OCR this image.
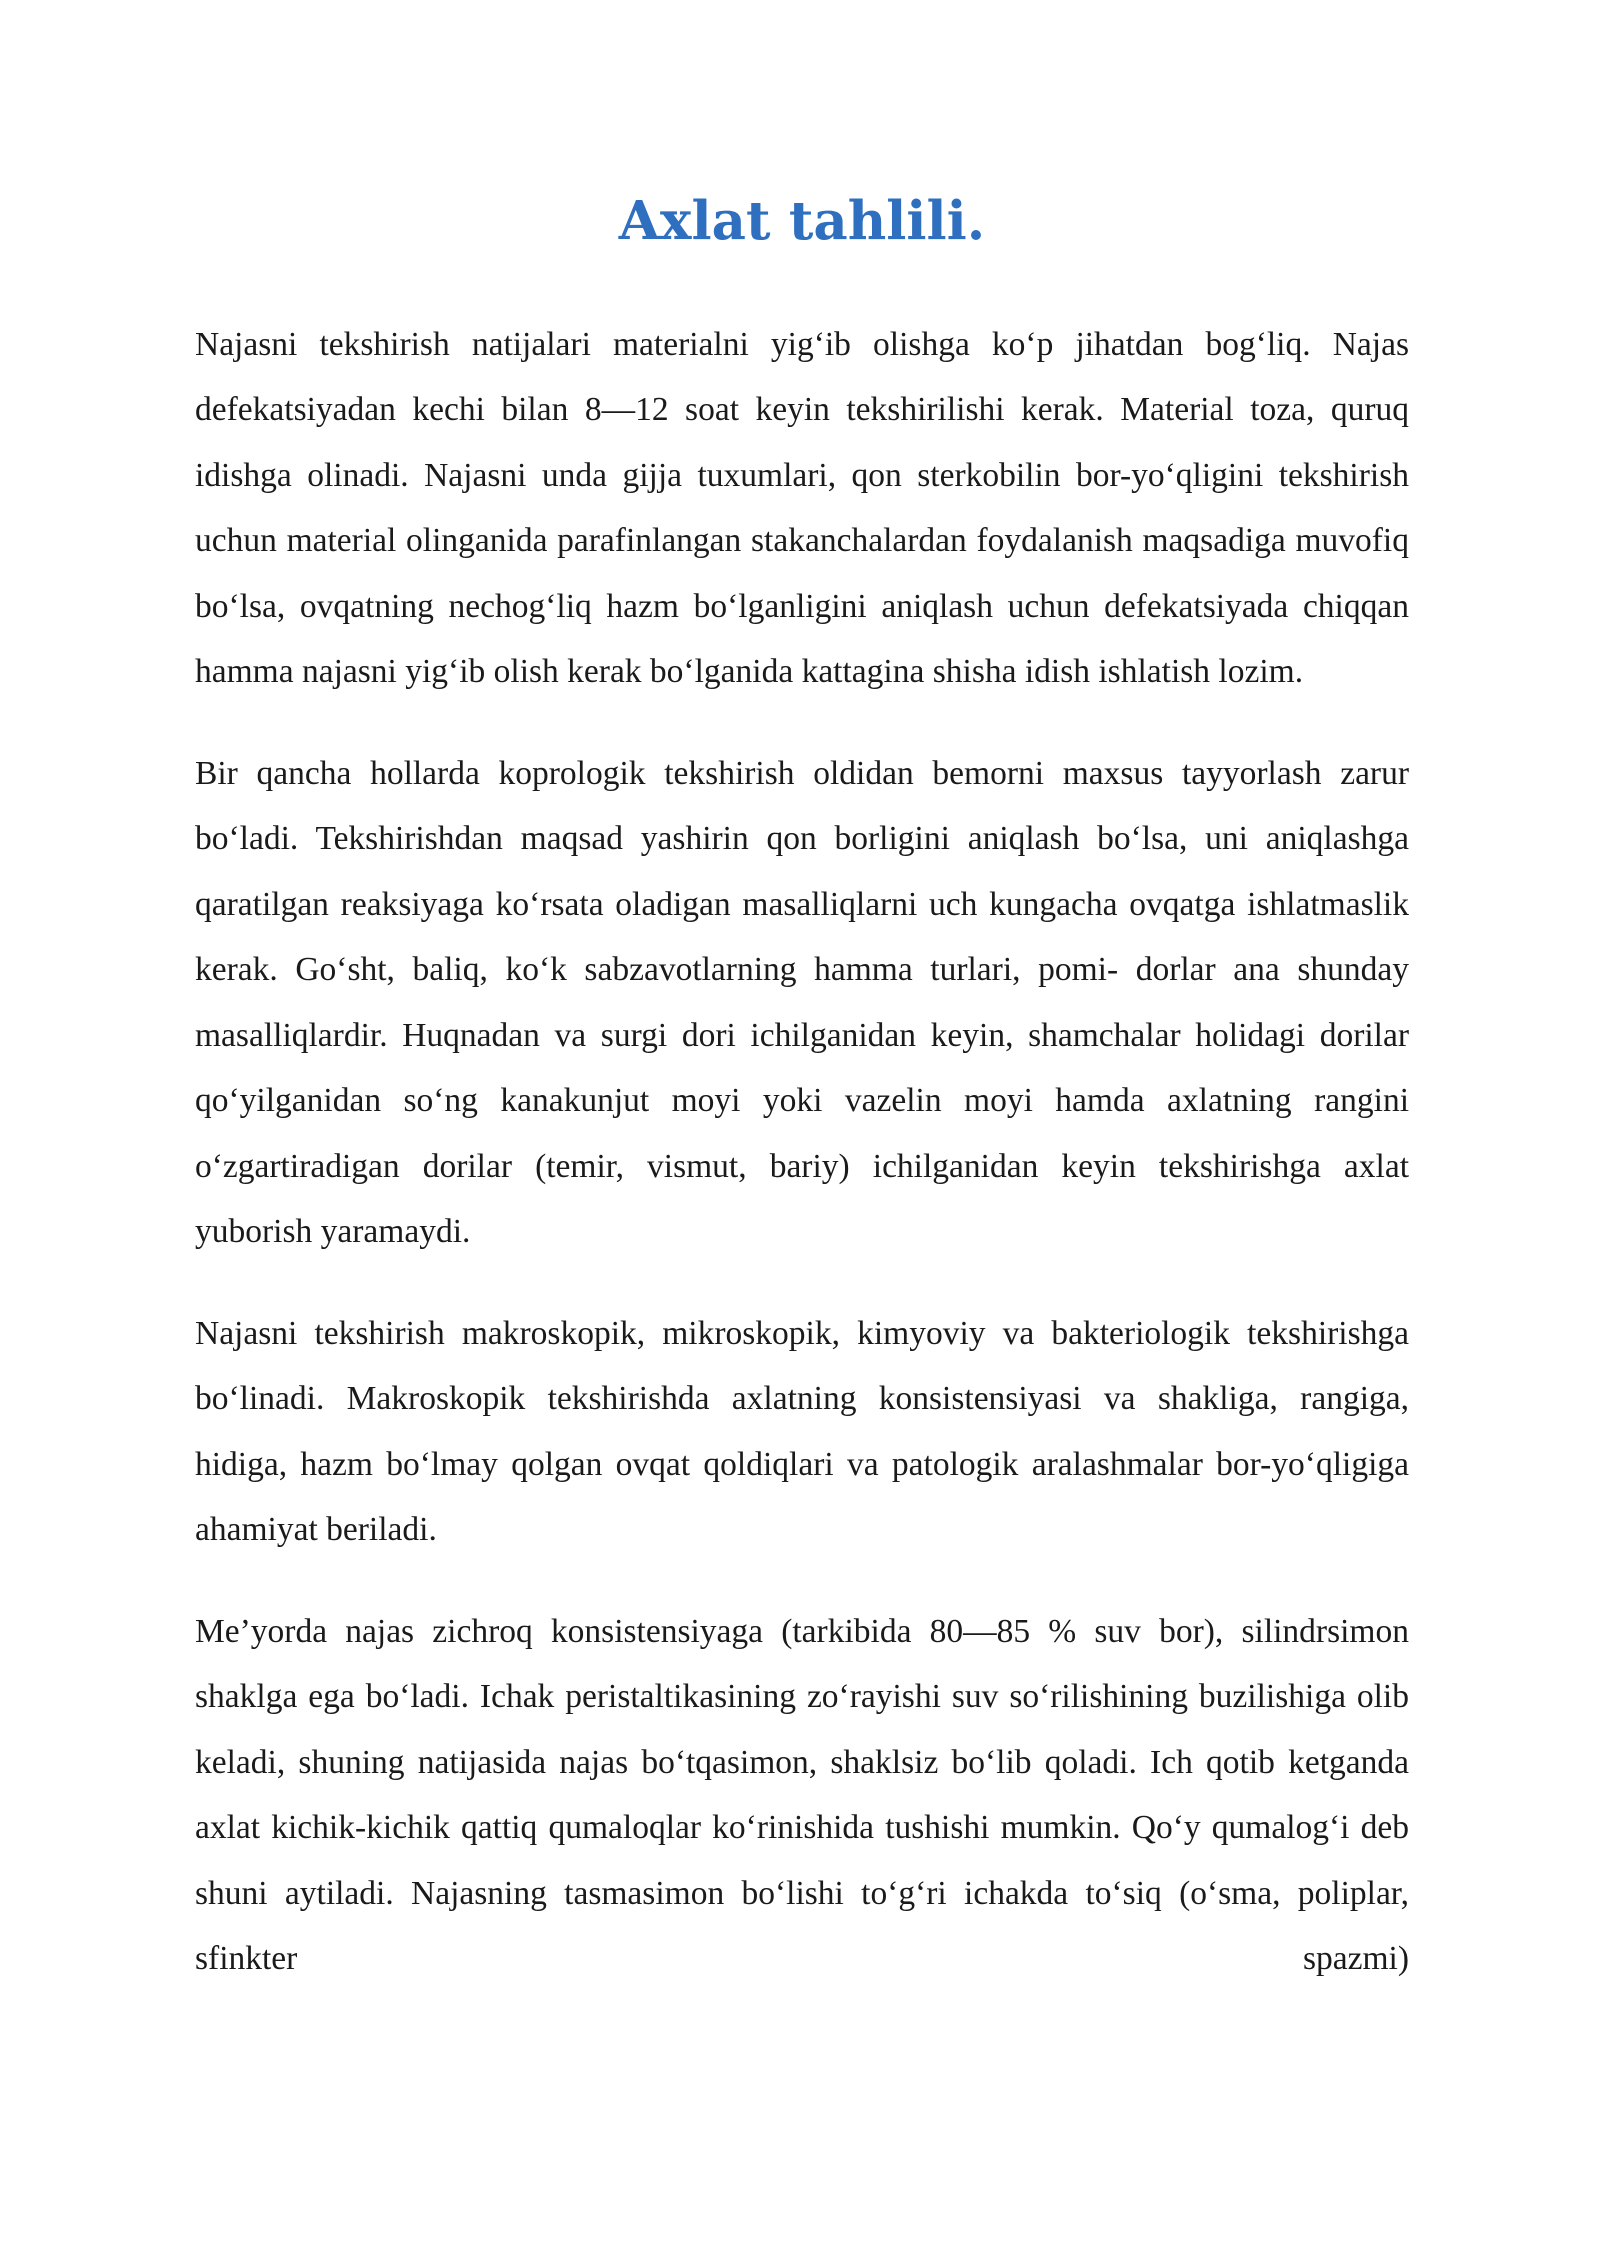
Axlat tahlili.

Najasni tekshirish natijalari materialni yig‘ib olishga ko‘p jihatdan bog‘liq. Najas defekatsiyadan kechi bilan 8—12 soat keyin tekshirilishi kerak. Material toza, quruq idishga olinadi. Najasni unda gijja tuxumlari, qon sterkobilin bor-yo‘qligini tekshirish uchun material olinganida parafinlangan stakanchalardan foydalanish maqsadiga muvofiq bo‘lsa, ovqatning nechog‘liq hazm bo‘lganligini aniqlash uchun defekatsiyada chiqqan hamma najasni yig‘ib olish kerak bo‘lganida kattagina shisha idish ishlatish lozim.

Bir qancha hollarda koprologik tekshirish oldidan bemorni maxsus tayyorlash zarur bo‘ladi. Tekshirishdan maqsad yashirin qon borligini aniqlash bo‘lsa, uni aniqlashga qaratilgan reaksiyaga ko‘rsata oladigan masalliqlarni uch kungacha ovqatga ishlatmaslik kerak. Go‘sht, baliq, ko‘k sabzavotlarning hamma turlari, pomi- dorlar ana shunday masalliqlardir. Huqnadan va surgi dori ichilganidan keyin, shamchalar holidagi dorilar qo‘yilganidan so‘ng kanakunjut moyi yoki vazelin moyi hamda axlatning rangini o‘zgartiradigan dorilar (temir, vismut, bariy) ichilganidan keyin tekshirishga axlat yuborish yaramaydi.

Najasni tekshirish makroskopik, mikroskopik, kimyoviy va bakteriologik tekshirishga bo‘linadi. Makroskopik tekshirishda axlatning konsistensiyasi va shakliga, rangiga, hidiga, hazm bo‘lmay qolgan ovqat qoldiqlari va patologik aralashmalar bor-yo‘qligiga ahamiyat beriladi.

Me’yorda najas zichroq konsistensiyaga (tarkibida 80—85 % suv bor), silindrsimon shaklga ega bo‘ladi. Ichak peristaltikasining zo‘rayishi suv so‘rilishining buzilishiga olib keladi, shuning natijasida najas bo‘tqasimon, shaklsiz bo‘lib qoladi. Ich qotib ketganda axlat kichik-kichik qattiq qumaloqlar ko‘rinishida tushishi mumkin. Qo‘y qumalog‘i deb shuni aytiladi. Najasning tasmasimon bo‘lishi to‘g‘ri ichakda to‘siq (o‘sma, poliplar, sfinkter spazmi)
